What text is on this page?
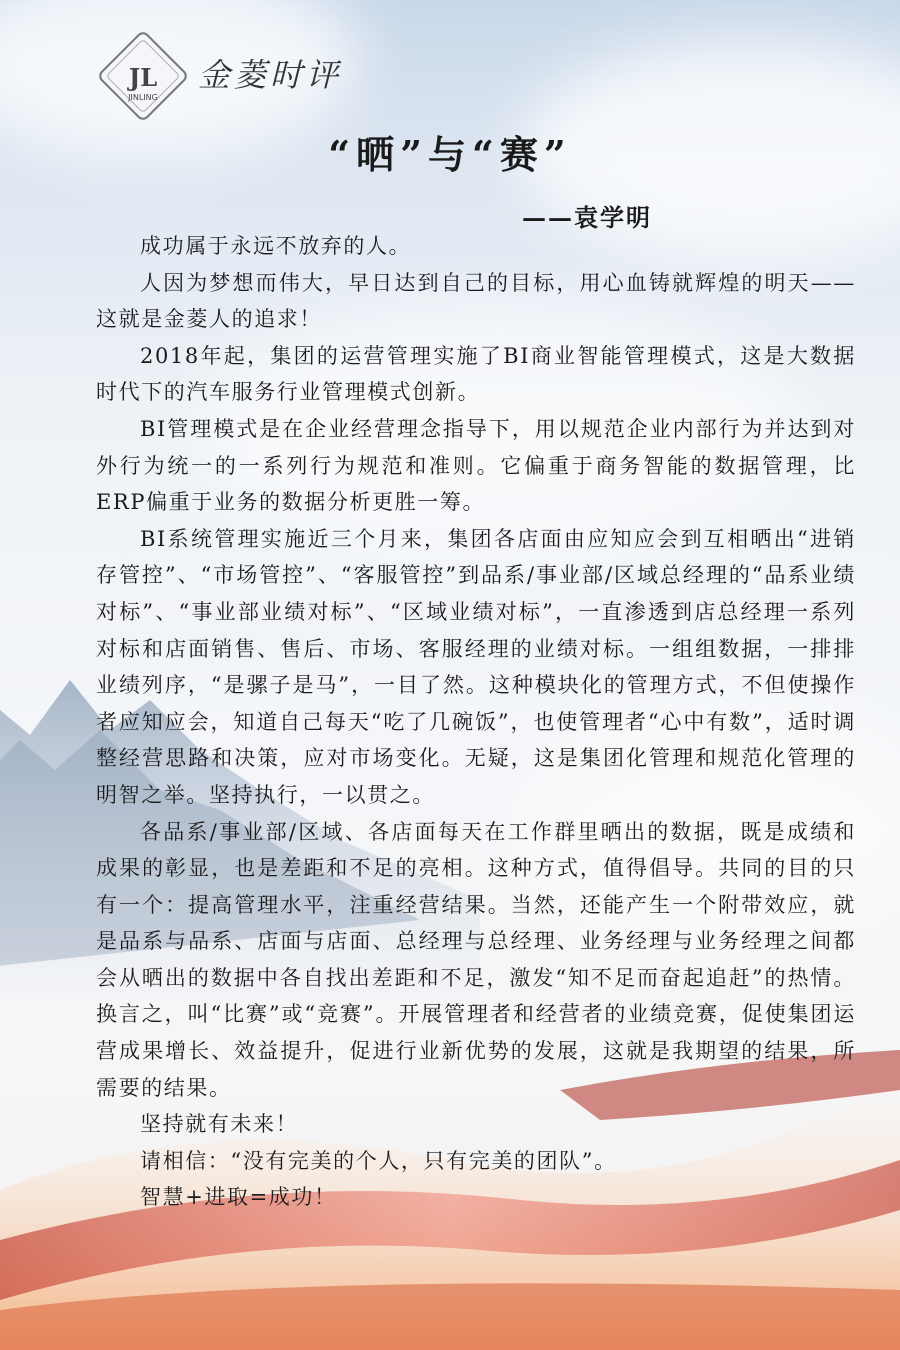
JL
JINLING
金菱时评
“晒”与“赛”
——袁学明

成功属于永远不放弃的人。

人因为梦想而伟大，早日达到自己的目标，用心血铸就辉煌的明天——这就是金菱人的追求！

2018年起，集团的运营管理实施了BI商业智能管理模式，这是大数据时代下的汽车服务行业管理模式创新。

BI管理模式是在企业经营理念指导下，用以规范企业内部行为并达到对外行为统一的一系列行为规范和准则。它偏重于商务智能的数据管理，比ERP偏重于业务的数据分析更胜一筹。

BI系统管理实施近三个月来，集团各店面由应知应会到互相晒出“进销存管控”、“市场管控”、“客服管控”到品系/事业部/区域总经理的“品系业绩对标”、“事业部业绩对标”、“区域业绩对标”，一直渗透到店总经理一系列对标和店面销售、售后、市场、客服经理的业绩对标。一组组数据，一排排业绩列序，“是骡子是马”，一目了然。这种模块化的管理方式，不但使操作者应知应会，知道自己每天“吃了几碗饭”，也使管理者“心中有数”，适时调整经营思路和决策，应对市场变化。无疑，这是集团化管理和规范化管理的明智之举。坚持执行，一以贯之。

各品系/事业部/区域、各店面每天在工作群里晒出的数据，既是成绩和成果的彰显，也是差距和不足的亮相。这种方式，值得倡导。共同的目的只有一个：提高管理水平，注重经营结果。当然，还能产生一个附带效应，就是品系与品系、店面与店面、总经理与总经理、业务经理与业务经理之间都会从晒出的数据中各自找出差距和不足，激发“知不足而奋起追赶”的热情。换言之，叫“比赛”或“竞赛”。开展管理者和经营者的业绩竞赛，促使集团运营成果增长、效益提升，促进行业新优势的发展，这就是我期望的结果，所需要的结果。

坚持就有未来！

请相信：“没有完美的个人，只有完美的团队”。

智慧+进取=成功！
